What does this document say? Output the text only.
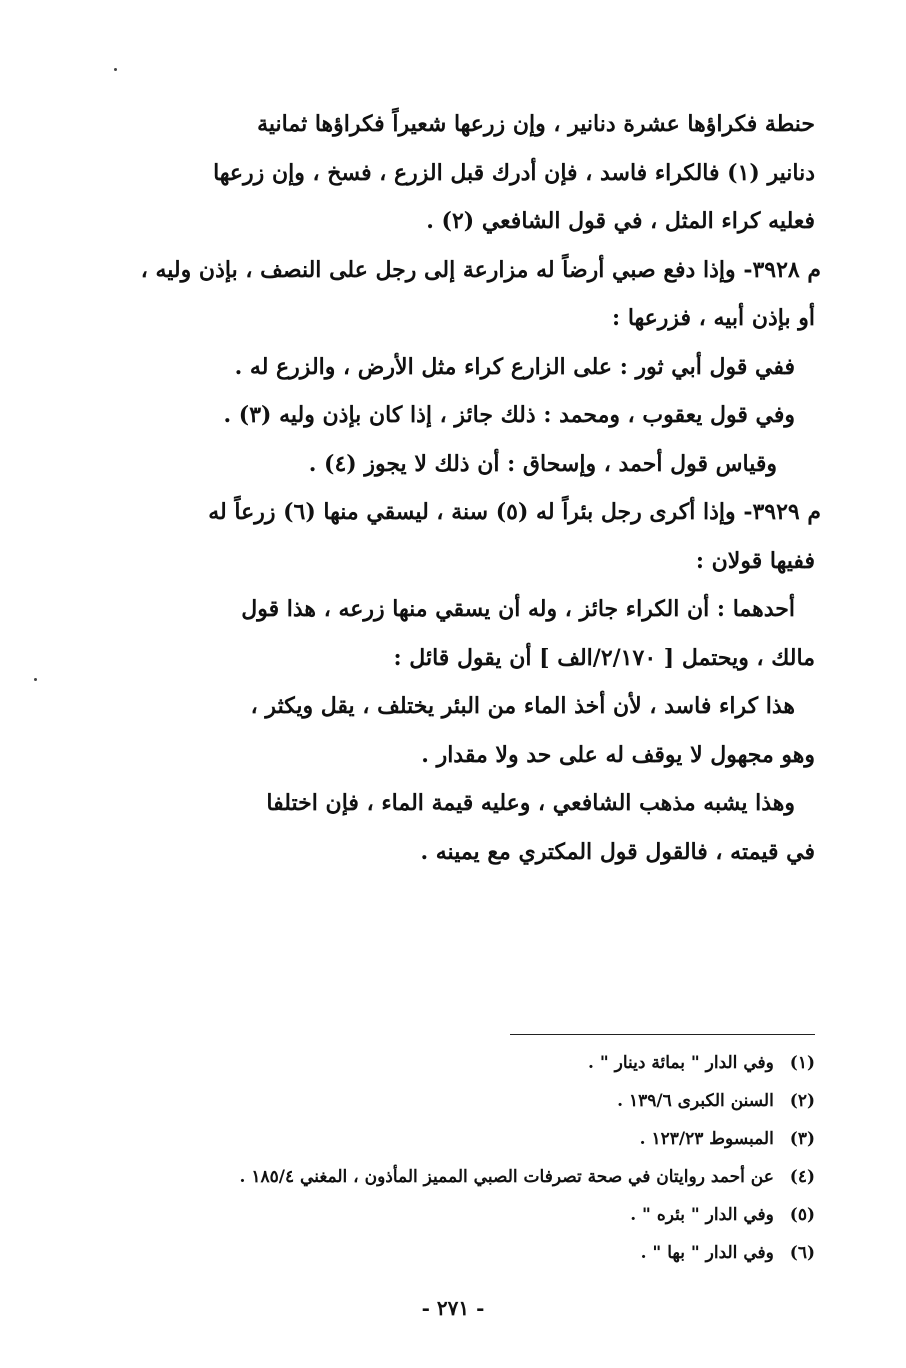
حنطة فكراؤها عشرة دنانير ، وإن زرعها شعيراً فكراؤها ثمانية
دنانير (١) فالكراء فاسد ، فإن أدرك قبل الزرع ، فسخ ، وإن زرعها
فعليه كراء المثل ، في قول الشافعي (٢) .
م ٣٩٢٨- وإذا دفع صبي أرضاً له مزارعة إلى رجل على النصف ، بإذن وليه ،
أو بإذن أبيه ، فزرعها :
ففي قول أبي ثور : على الزارع كراء مثل الأرض ، والزرع له .
وفي قول يعقوب ، ومحمد : ذلك جائز ، إذا كان بإذن وليه (٣) .
وقياس قول أحمد ، وإسحاق : أن ذلك لا يجوز (٤) .
م ٣٩٢٩- وإذا أكرى رجل بئراً له (٥) سنة ، ليسقي منها (٦) زرعاً له
ففيها قولان :
أحدهما : أن الكراء جائز ، وله أن يسقي منها زرعه ، هذا قول
مالك ، ويحتمل [ ٢/١٧٠/الف ] أن يقول قائل :
هذا كراء فاسد ، لأن أخذ الماء من البئر يختلف ، يقل ويكثر ،
وهو مجهول لا يوقف له على حد ولا مقدار .
وهذا يشبه مذهب الشافعي ، وعليه قيمة الماء ، فإن اختلفا
في قيمته ، فالقول قول المكتري مع يمينه .
(١) وفي الدار " بمائة دينار " .
(٢) السنن الكبرى ١٣٩/٦ .
(٣) المبسوط ١٢٣/٢٣ .
(٤) عن أحمد روايتان في صحة تصرفات الصبي المميز المأذون ، المغني ١٨٥/٤ .
(٥) وفي الدار " بئره " .
(٦) وفي الدار " بها " .
- ٢٧١ -
